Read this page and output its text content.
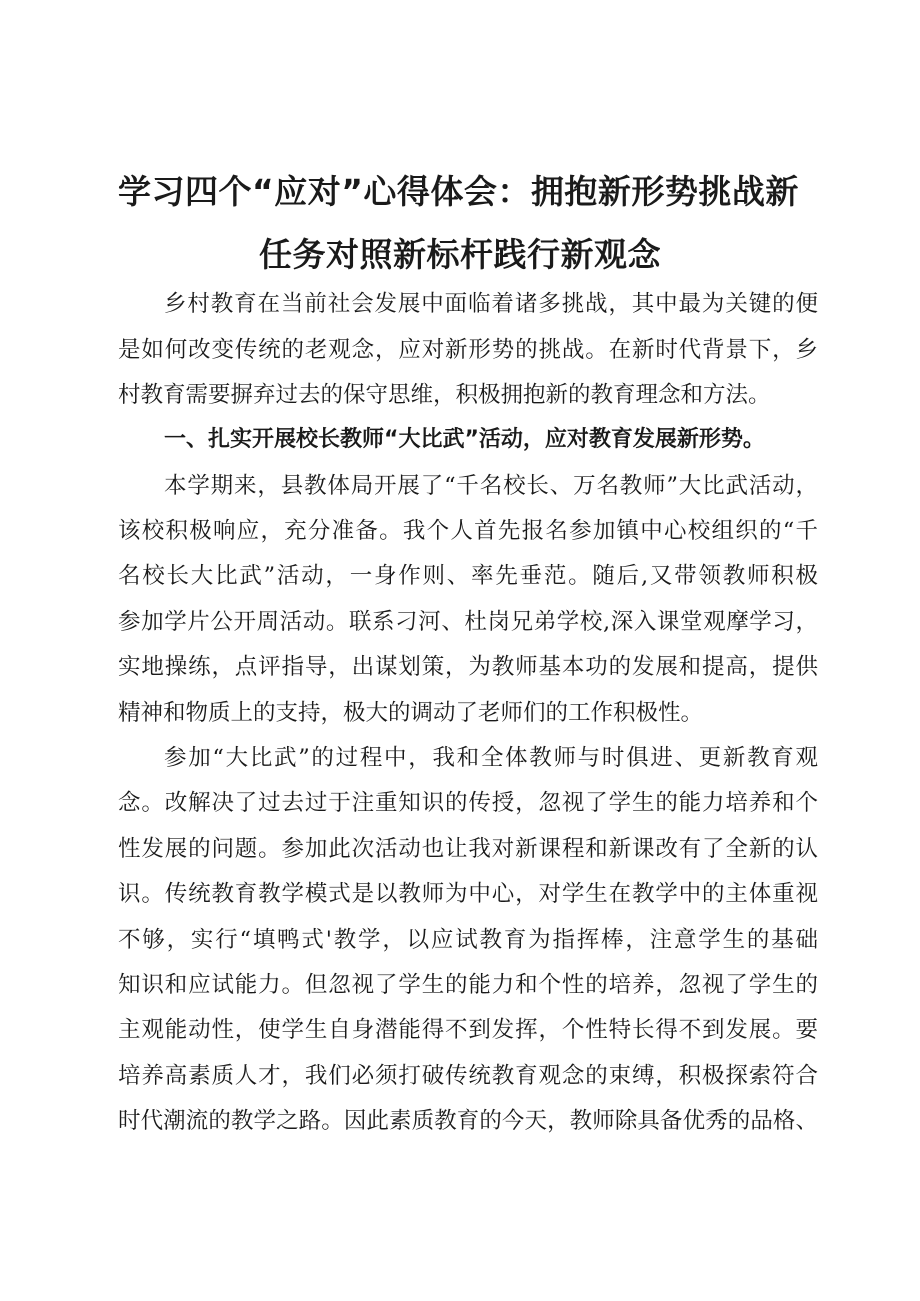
学习四个“应对”心得体会：拥抱新形势挑战新
任务对照新标杆践行新观念

乡村教育在当前社会发展中面临着诸多挑战，其中最为关键的便

是如何改变传统的老观念，应对新形势的挑战。在新时代背景下，乡

村教育需要摒弃过去的保守思维，积极拥抱新的教育理念和方法。

一、扎实开展校长教师“大比武”活动，应对教育发展新形势。

本学期来，县教体局开展了“千名校长、万名教师”大比武活动，

该校积极响应，充分准备。我个人首先报名参加镇中心校组织的“千

名校长大比武”活动，一身作则、率先垂范。随后,又带领教师积极

参加学片公开周活动。联系刁河、杜岗兄弟学校,深入课堂观摩学习，

实地操练，点评指导，出谋划策，为教师基本功的发展和提高，提供

精神和物质上的支持，极大的调动了老师们的工作积极性。

参加“大比武”的过程中，我和全体教师与时俱进、更新教育观

念。改解决了过去过于注重知识的传授，忽视了学生的能力培养和个

性发展的问题。参加此次活动也让我对新课程和新课改有了全新的认

识。传统教育教学模式是以教师为中心，对学生在教学中的主体重视

不够，实行“填鸭式'教学，以应试教育为指挥棒，注意学生的基础

知识和应试能力。但忽视了学生的能力和个性的培养，忽视了学生的

主观能动性，使学生自身潜能得不到发挥，个性特长得不到发展。要

培养高素质人才，我们必须打破传统教育观念的束缚，积极探索符合

时代潮流的教学之路。因此素质教育的今天，教师除具备优秀的品格、
